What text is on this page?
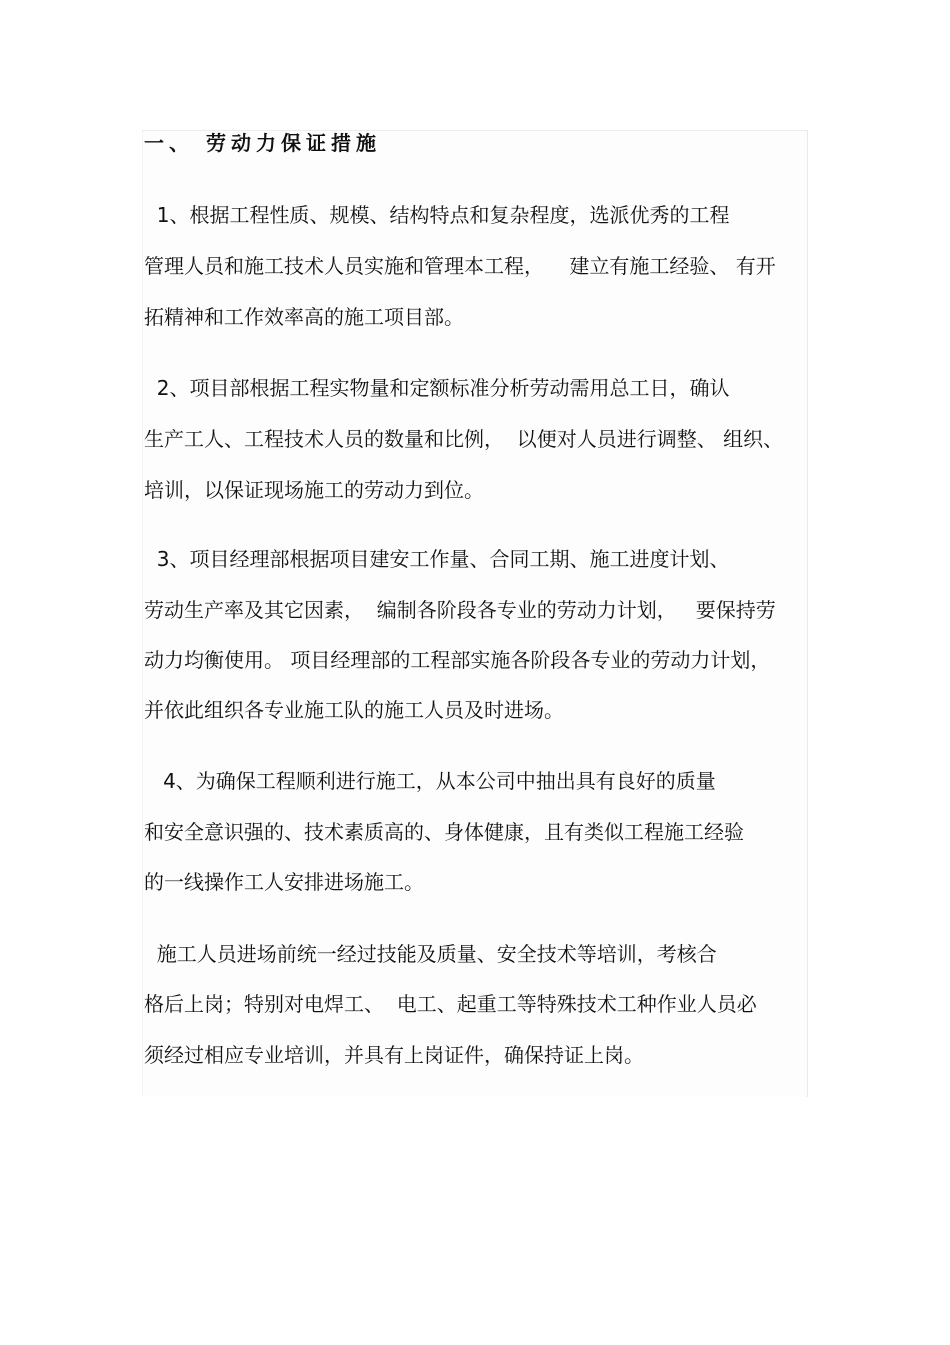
一、 劳动力保证措施

1、根据工程性质、规模、结构特点和复杂程度，选派优秀的工程

管理人员和施工技术人员实施和管理本工程，    建立有施工经验、 有开

拓精神和工作效率高的施工项目部。

2、项目部根据工程实物量和定额标准分析劳动需用总工日，确认

生产工人、工程技术人员的数量和比例，  以便对人员进行调整、 组织、

培训，以保证现场施工的劳动力到位。

3、项目经理部根据项目建安工作量、合同工期、施工进度计划、

劳动生产率及其它因素，  编制各阶段各专业的劳动力计划，   要保持劳

动力均衡使用。 项目经理部的工程部实施各阶段各专业的劳动力计划，

并依此组织各专业施工队的施工人员及时进场。

4、为确保工程顺利进行施工，从本公司中抽出具有良好的质量

和安全意识强的、技术素质高的、身体健康，且有类似工程施工经验

的一线操作工人安排进场施工。

施工人员进场前统一经过技能及质量、安全技术等培训，考核合

格后上岗；特别对电焊工、  电工、起重工等特殊技术工种作业人员必

须经过相应专业培训，并具有上岗证件，确保持证上岗。
